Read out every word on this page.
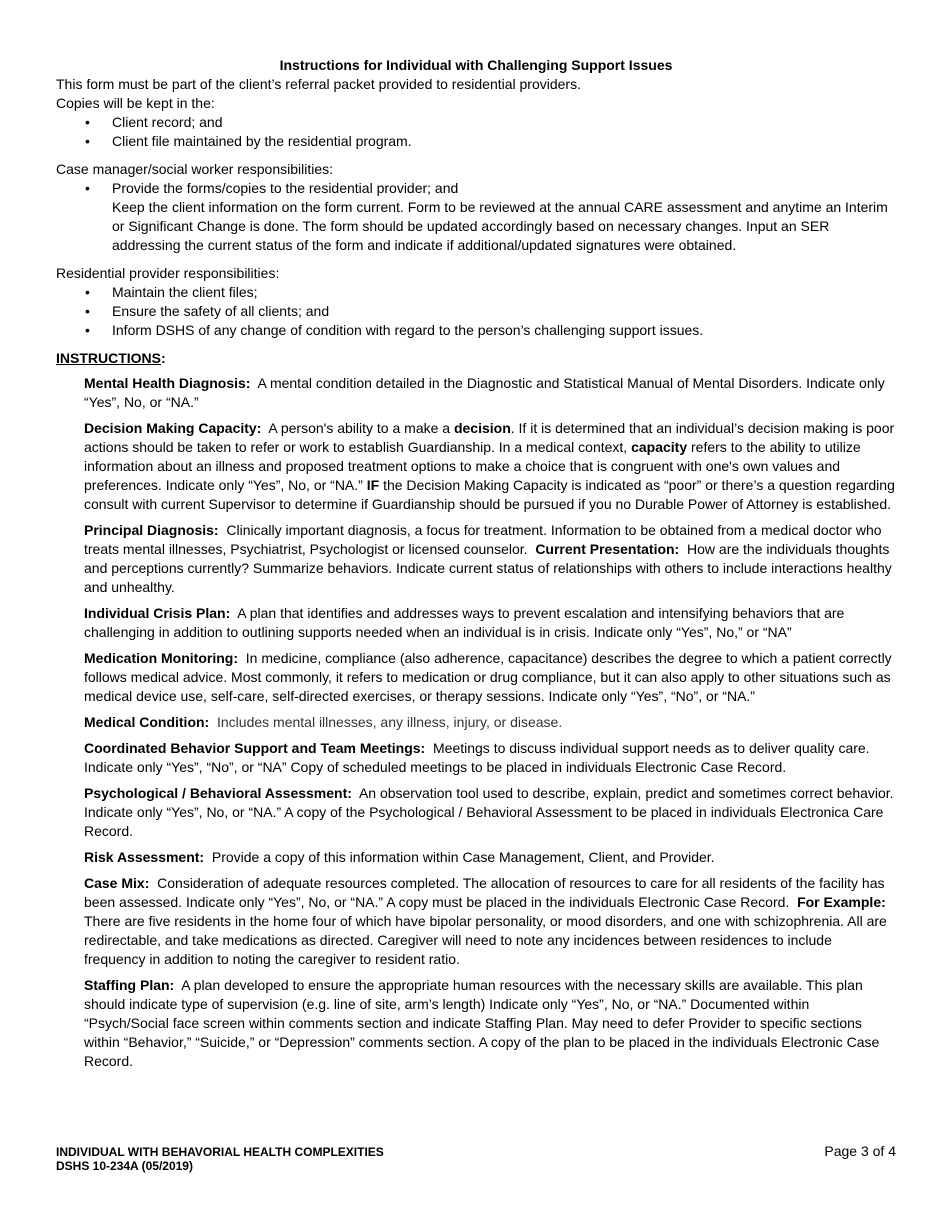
Instructions for Individual with Challenging Support Issues

This form must be part of the client’s referral packet provided to residential providers.

Copies will be kept in the:

• Client record; and
• Client file maintained by the residential program.

Case manager/social worker responsibilities:

• Provide the forms/copies to the residential provider; and
Keep the client information on the form current. Form to be reviewed at the annual CARE assessment and anytime an Interim or Significant Change is done. The form should be updated accordingly based on necessary changes. Input an SER addressing the current status of the form and indicate if additional/updated signatures were obtained.

Residential provider responsibilities:

• Maintain the client files;
• Ensure the safety of all clients; and
• Inform DSHS of any change of condition with regard to the person’s challenging support issues.

INSTRUCTIONS:

Mental Health Diagnosis: A mental condition detailed in the Diagnostic and Statistical Manual of Mental Disorders. Indicate only “Yes”, No, or “NA.”

Decision Making Capacity: A person's ability to a make a decision. If it is determined that an individual’s decision making is poor actions should be taken to refer or work to establish Guardianship. In a medical context, capacity refers to the ability to utilize information about an illness and proposed treatment options to make a choice that is congruent with one's own values and preferences. Indicate only “Yes”, No, or “NA.” IF the Decision Making Capacity is indicated as “poor” or there’s a question regarding consult with current Supervisor to determine if Guardianship should be pursued if you no Durable Power of Attorney is established.

Principal Diagnosis: Clinically important diagnosis, a focus for treatment. Information to be obtained from a medical doctor who treats mental illnesses, Psychiatrist, Psychologist or licensed counselor. Current Presentation: How are the individuals thoughts and perceptions currently? Summarize behaviors. Indicate current status of relationships with others to include interactions healthy and unhealthy.

Individual Crisis Plan: A plan that identifies and addresses ways to prevent escalation and intensifying behaviors that are challenging in addition to outlining supports needed when an individual is in crisis. Indicate only “Yes”, No,” or “NA”

Medication Monitoring: In medicine, compliance (also adherence, capacitance) describes the degree to which a patient correctly follows medical advice. Most commonly, it refers to medication or drug compliance, but it can also apply to other situations such as medical device use, self-care, self-directed exercises, or therapy sessions. Indicate only “Yes”, “No”, or “NA.”

Medical Condition: Includes mental illnesses, any illness, injury, or disease.

Coordinated Behavior Support and Team Meetings: Meetings to discuss individual support needs as to deliver quality care. Indicate only “Yes”, “No”, or “NA” Copy of scheduled meetings to be placed in individuals Electronic Case Record.

Psychological / Behavioral Assessment: An observation tool used to describe, explain, predict and sometimes correct behavior. Indicate only “Yes”, No, or “NA.” A copy of the Psychological / Behavioral Assessment to be placed in individuals Electronica Care Record.

Risk Assessment: Provide a copy of this information within Case Management, Client, and Provider.

Case Mix: Consideration of adequate resources completed. The allocation of resources to care for all residents of the facility has been assessed. Indicate only “Yes”, No, or “NA.” A copy must be placed in the individuals Electronic Case Record. For Example: There are five residents in the home four of which have bipolar personality, or mood disorders, and one with schizophrenia. All are redirectable, and take medications as directed. Caregiver will need to note any incidences between residences to include frequency in addition to noting the caregiver to resident ratio.

Staffing Plan: A plan developed to ensure the appropriate human resources with the necessary skills are available. This plan should indicate type of supervision (e.g. line of site, arm’s length) Indicate only “Yes”, No, or “NA.” Documented within “Psych/Social face screen within comments section and indicate Staffing Plan. May need to defer Provider to specific sections within “Behavior,” “Suicide,” or “Depression” comments section. A copy of the plan to be placed in the individuals Electronic Case Record.

INDIVIDUAL WITH BEHAVORIAL HEALTH COMPLEXITIES
DSHS 10-234A (05/2019)
Page 3 of 4
